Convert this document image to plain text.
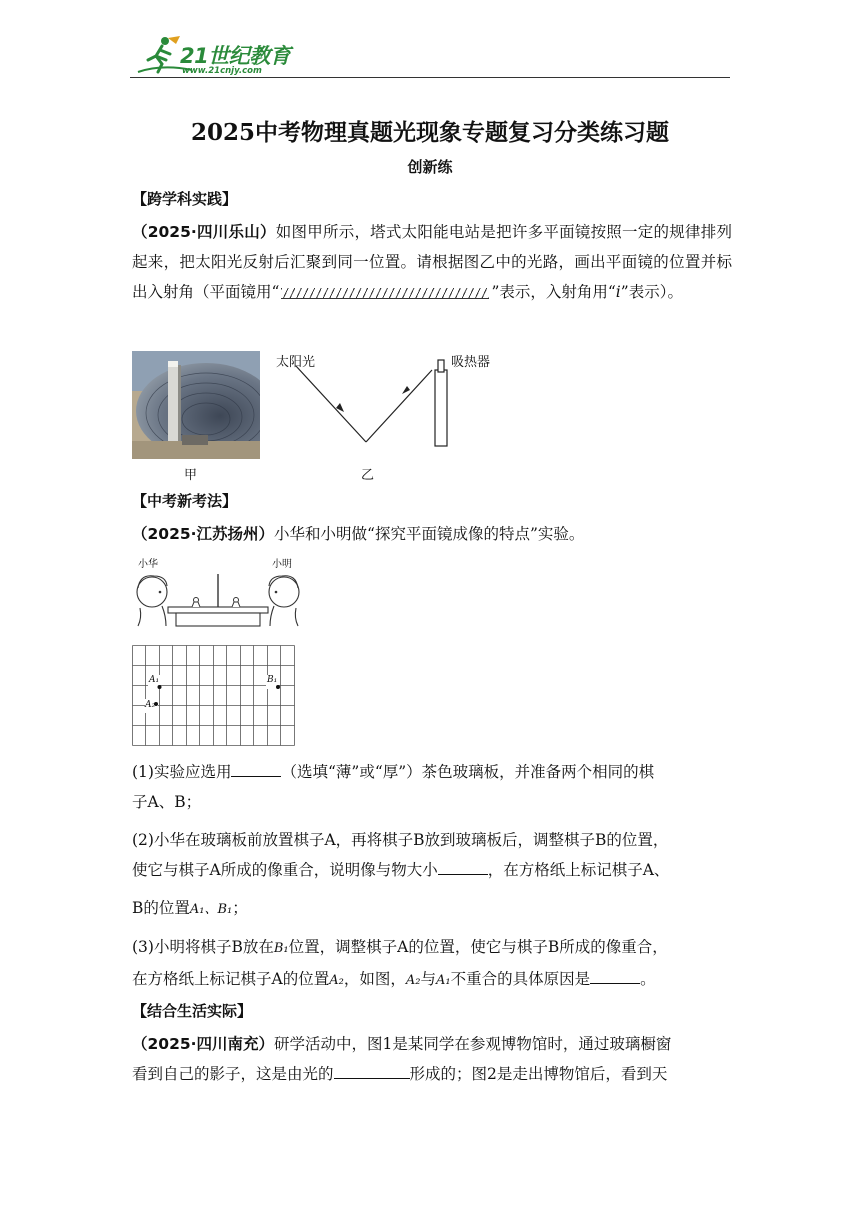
21世纪教育
www.21cnjy.com
2025中考物理真题光现象专题复习分类练习题
创新练
【跨学科实践】
（2025·四川乐山）如图甲所示，塔式太阳能电站是把许多平面镜按照一定的规律排列起来，把太阳光反射后汇聚到同一位置。请根据图乙中的光路，画出平面镜的位置并标出入射角（平面镜用“	”表示，入射角用“i”表示）。
甲
太阳光	吸热器
乙
【中考新考法】
（2025·江苏扬州）小华和小明做“探究平面镜成像的特点”实验。
小华	小明
A₁
A₂
B₁
(1)实验应选用	（选填“薄”或“厚”）茶色玻璃板，并准备两个相同的棋
子A、B；
(2)小华在玻璃板前放置棋子A，再将棋子B放到玻璃板后，调整棋子B的位置，
使它与棋子A所成的像重合，说明像与物大小	，在方格纸上标记棋子A、
B的位置A₁、B₁；
(3)小明将棋子B放在B₁位置，调整棋子A的位置，使它与棋子B所成的像重合，
在方格纸上标记棋子A的位置A₂，如图，A₂与A₁不重合的具体原因是	。
【结合生活实际】
（2025·四川南充）研学活动中，图1是某同学在参观博物馆时，通过玻璃橱窗
看到自己的影子，这是由光的	形成的；图2是走出博物馆后，看到天
